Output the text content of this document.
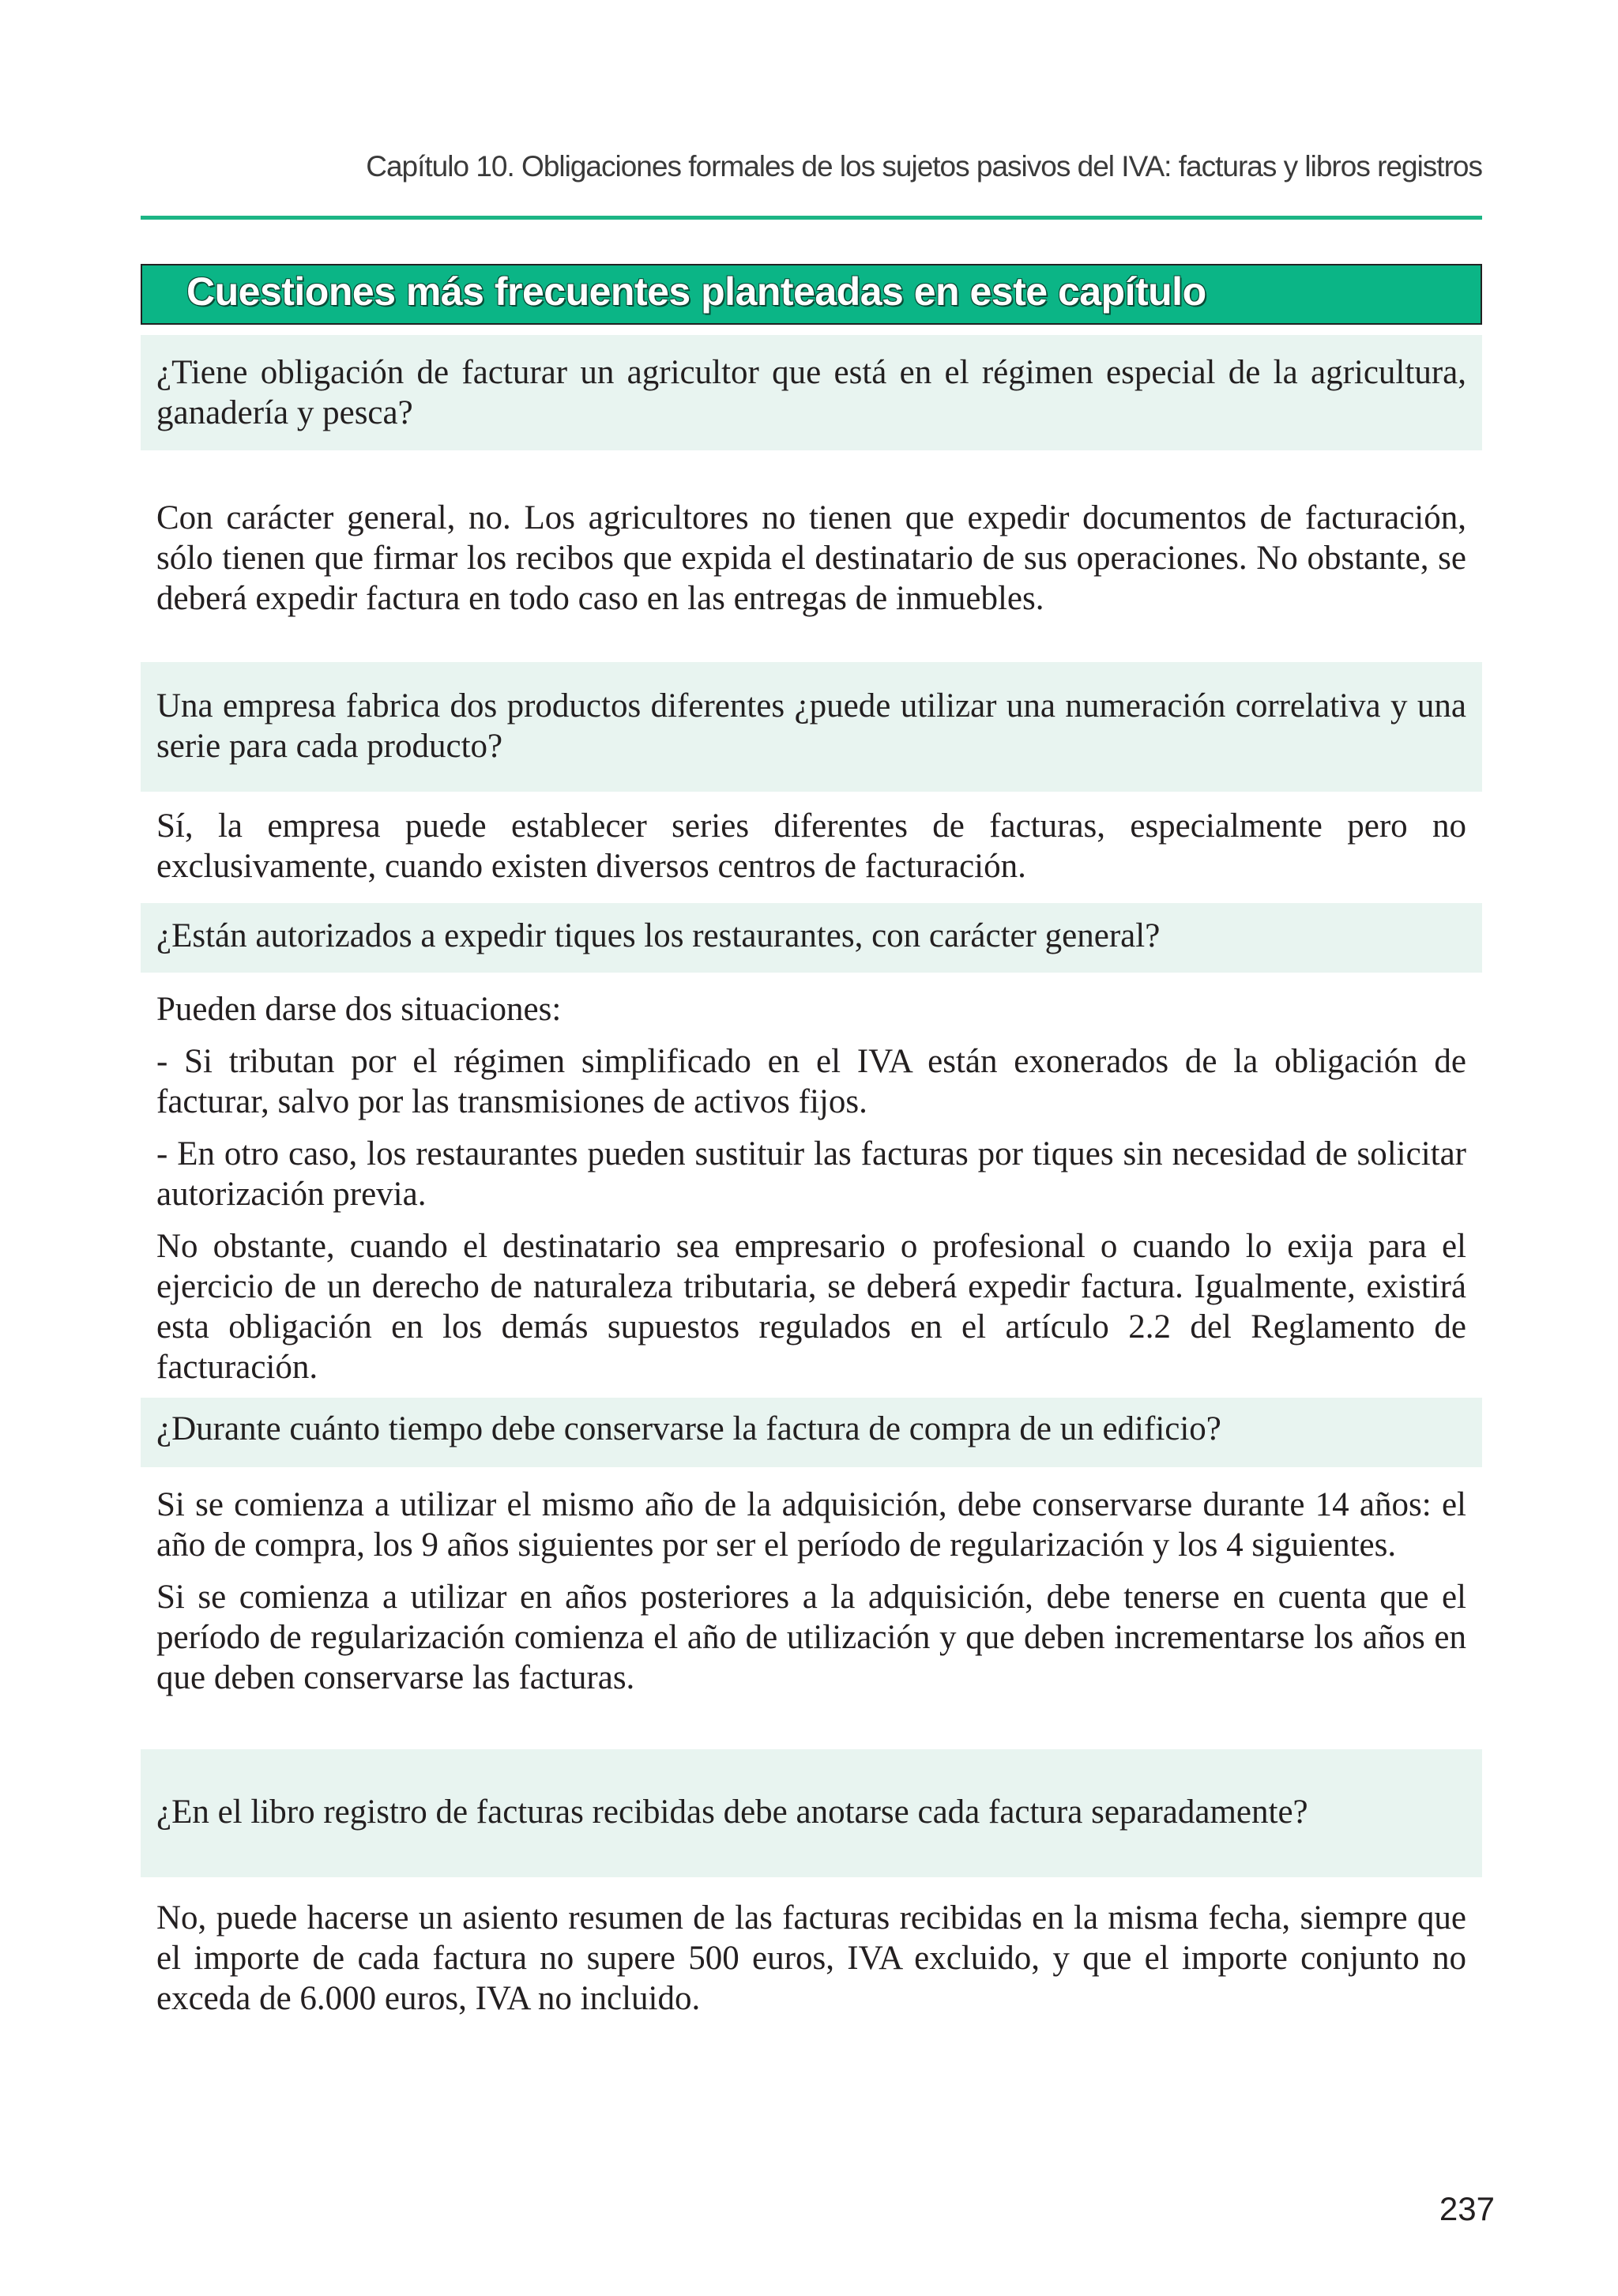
Capítulo 10. Obligaciones formales de los sujetos pasivos del IVA: facturas y libros registros
Cuestiones más frecuentes planteadas en este capítulo

¿Tiene obligación de facturar un agricultor que está en el régimen especial de la agricultura, ganadería y pesca?

Con carácter general, no. Los agricultores no tienen que expedir documentos de facturación, sólo tienen que firmar los recibos que expida el destinatario de sus operaciones. No obstante, se deberá expedir factura en todo caso en las entregas de inmuebles.

Una empresa fabrica dos productos diferentes ¿puede utilizar una numeración correlativa y una serie para cada producto?

Sí, la empresa puede establecer series diferentes de facturas, especialmente pero no exclusivamente, cuando existen diversos centros de facturación.

¿Están autorizados a expedir tiques los restaurantes, con carácter general?

Pueden darse dos situaciones:

- Si tributan por el régimen simplificado en el IVA están exonerados de la obligación de facturar, salvo por las transmisiones de activos fijos.

- En otro caso, los restaurantes pueden sustituir las facturas por tiques sin necesidad de solicitar autorización previa.

No obstante, cuando el destinatario sea empresario o profesional o cuando lo exija para el ejercicio de un derecho de naturaleza tributaria, se deberá expedir factura. Igualmente, existirá esta obligación en los demás supuestos regulados en el artículo 2.2 del Reglamento de facturación.

¿Durante cuánto tiempo debe conservarse la factura de compra de un edificio?

Si se comienza a utilizar el mismo año de la adquisición, debe conservarse durante 14 años: el año de compra, los 9 años siguientes por ser el período de regularización y los 4 siguientes.

Si se comienza a utilizar en años posteriores a la adquisición, debe tenerse en cuenta que el período de regularización comienza el año de utilización y que deben incrementarse los años en que deben conservarse las facturas.

¿En el libro registro de facturas recibidas debe anotarse cada factura separadamente?

No, puede hacerse un asiento resumen de las facturas recibidas en la misma fecha, siempre que el importe de cada factura no supere 500 euros, IVA excluido, y que el importe conjunto no exceda de 6.000 euros, IVA no incluido.

237
